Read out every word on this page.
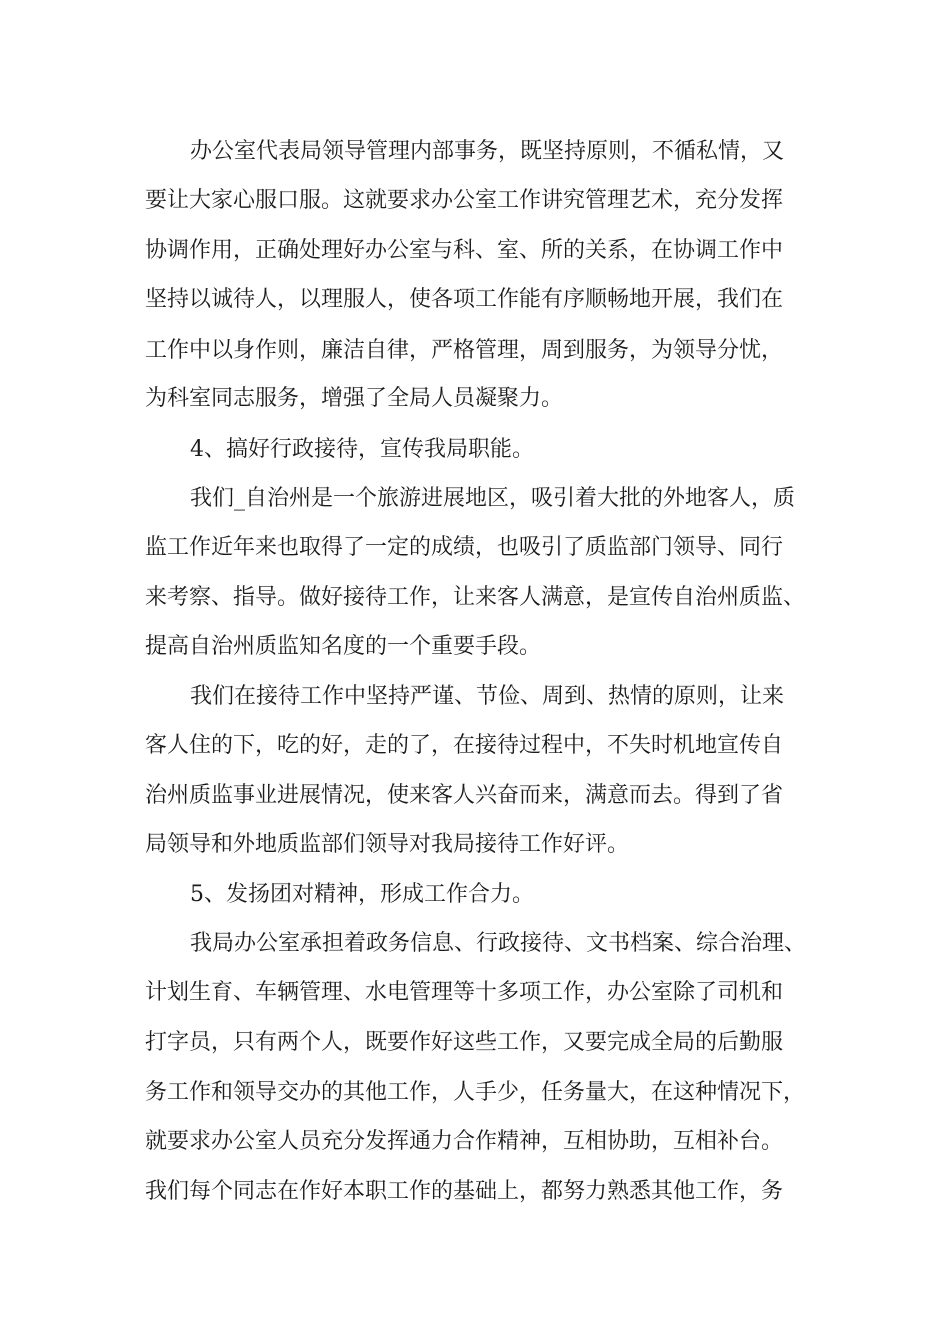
办公室代表局领导管理内部事务，既坚持原则，不循私情，又
要让大家心服口服。这就要求办公室工作讲究管理艺术，充分发挥
协调作用，正确处理好办公室与科、室、所的关系，在协调工作中
坚持以诚待人，以理服人，使各项工作能有序顺畅地开展，我们在
工作中以身作则，廉洁自律，严格管理，周到服务，为领导分忧，
为科室同志服务，增强了全局人员凝聚力。
4、搞好行政接待，宣传我局职能。
我们_自治州是一个旅游进展地区，吸引着大批的外地客人，质
监工作近年来也取得了一定的成绩，也吸引了质监部门领导、同行
来考察、指导。做好接待工作，让来客人满意，是宣传自治州质监、
提高自治州质监知名度的一个重要手段。
我们在接待工作中坚持严谨、节俭、周到、热情的原则，让来
客人住的下，吃的好，走的了，在接待过程中，不失时机地宣传自
治州质监事业进展情况，使来客人兴奋而来，满意而去。得到了省
局领导和外地质监部们领导对我局接待工作好评。
5、发扬团对精神，形成工作合力。
我局办公室承担着政务信息、行政接待、文书档案、综合治理、
计划生育、车辆管理、水电管理等十多项工作，办公室除了司机和
打字员，只有两个人，既要作好这些工作，又要完成全局的后勤服
务工作和领导交办的其他工作，人手少，任务量大，在这种情况下，
就要求办公室人员充分发挥通力合作精神，互相协助，互相补台。
我们每个同志在作好本职工作的基础上，都努力熟悉其他工作，务
